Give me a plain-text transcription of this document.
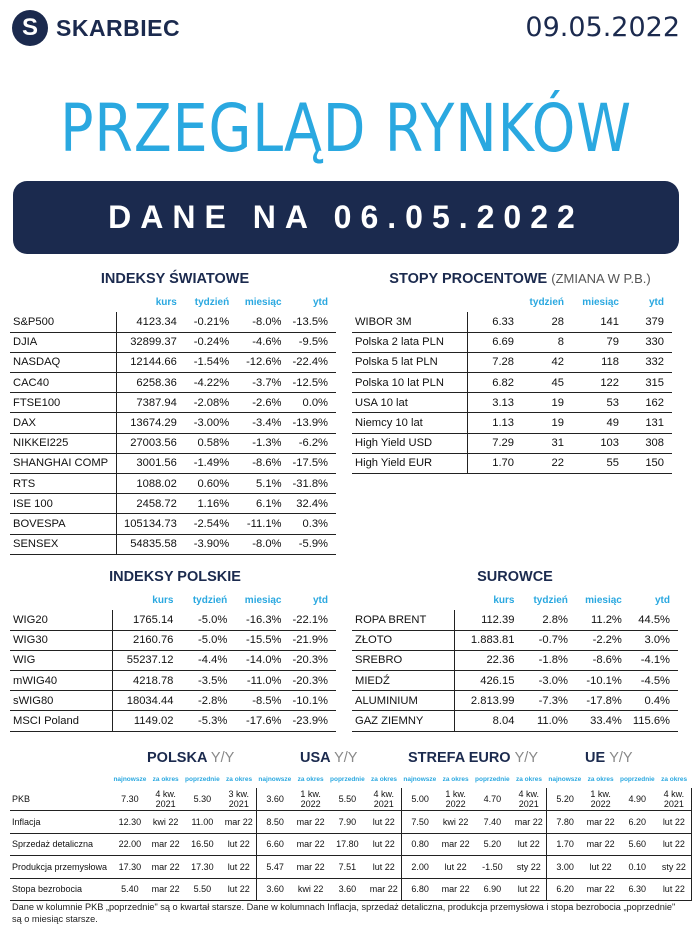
S SKARBIEC	09.05.2022
PRZEGLĄD RYNKÓW
DANE NA 06.05.2022
INDEKSY ŚWIATOWE
	kurs	tydzień	miesiąc	ytd
S&P500	4123.34	-0.21%	-8.0%	-13.5%
DJIA	32899.37	-0.24%	-4.6%	-9.5%
NASDAQ	12144.66	-1.54%	-12.6%	-22.4%
CAC40	6258.36	-4.22%	-3.7%	-12.5%
FTSE100	7387.94	-2.08%	-2.6%	0.0%
DAX	13674.29	-3.00%	-3.4%	-13.9%
NIKKEI225	27003.56	0.58%	-1.3%	-6.2%
SHANGHAI COMP	3001.56	-1.49%	-8.6%	-17.5%
RTS	1088.02	0.60%	5.1%	-31.8%
ISE 100	2458.72	1.16%	6.1%	32.4%
BOVESPA	105134.73	-2.54%	-11.1%	0.3%
SENSEX	54835.58	-3.90%	-8.0%	-5.9%
STOPY PROCENTOWE (ZMIANA W P.B.)
		tydzień	miesiąc	ytd
WIBOR 3M	6.33	28	141	379
Polska 2 lata PLN	6.69	8	79	330
Polska 5 lat PLN	7.28	42	118	332
Polska 10 lat PLN	6.82	45	122	315
USA 10 lat	3.13	19	53	162
Niemcy 10 lat	1.13	19	49	131
High Yield USD	7.29	31	103	308
High Yield EUR	1.70	22	55	150
INDEKSY POLSKIE
	kurs	tydzień	miesiąc	ytd
WIG20	1765.14	-5.0%	-16.3%	-22.1%
WIG30	2160.76	-5.0%	-15.5%	-21.9%
WIG	55237.12	-4.4%	-14.0%	-20.3%
mWIG40	4218.78	-3.5%	-11.0%	-20.3%
sWIG80	18034.44	-2.8%	-8.5%	-10.1%
MSCI Poland	1149.02	-5.3%	-17.6%	-23.9%
SUROWCE
	kurs	tydzień	miesiąc	ytd
ROPA BRENT	112.39	2.8%	11.2%	44.5%
ZŁOTO	1.883.81	-0.7%	-2.2%	3.0%
SREBRO	22.36	-1.8%	-8.6%	-4.1%
MIEDŹ	426.15	-3.0%	-10.1%	-4.5%
ALUMINIUM	2.813.99	-7.3%	-17.8%	0.4%
GAZ ZIEMNY	8.04	11.0%	33.4%	115.6%
POLSKA Y/Y	USA Y/Y	STREFA EURO Y/Y	UE Y/Y
	najnowsze	za okres	poprzednie	za okres	najnowsze	za okres	poprzednie	za okres	najnowsze	za okres	poprzednie	za okres	najnowsze	za okres	poprzednie	za okres
PKB	7.30	4 kw. 2021	5.30	3 kw. 2021	3.60	1 kw. 2022	5.50	4 kw. 2021	5.00	1 kw. 2022	4.70	4 kw. 2021	5.20	1 kw. 2022	4.90	4 kw. 2021
Inflacja	12.30	kwi 22	11.00	mar 22	8.50	mar 22	7.90	lut 22	7.50	kwi 22	7.40	mar 22	7.80	mar 22	6.20	lut 22
Sprzedaż detaliczna	22.00	mar 22	16.50	lut 22	6.60	mar 22	17.80	lut 22	0.80	mar 22	5.20	lut 22	1.70	mar 22	5.60	lut 22
Produkcja przemysłowa	17.30	mar 22	17.30	lut 22	5.47	mar 22	7.51	lut 22	2.00	lut 22	-1.50	sty 22	3.00	lut 22	0.10	sty 22
Stopa bezrobocia	5.40	mar 22	5.50	lut 22	3.60	kwi 22	3.60	mar 22	6.80	mar 22	6.90	lut 22	6.20	mar 22	6.30	lut 22
Dane w kolumnie PKB „poprzednie" są o kwartał starsze. Dane w kolumnach Inflacja, sprzedaż detaliczna, produkcja przemysłowa i stopa bezrobocia „poprzednie" są o miesiąc starsze.
